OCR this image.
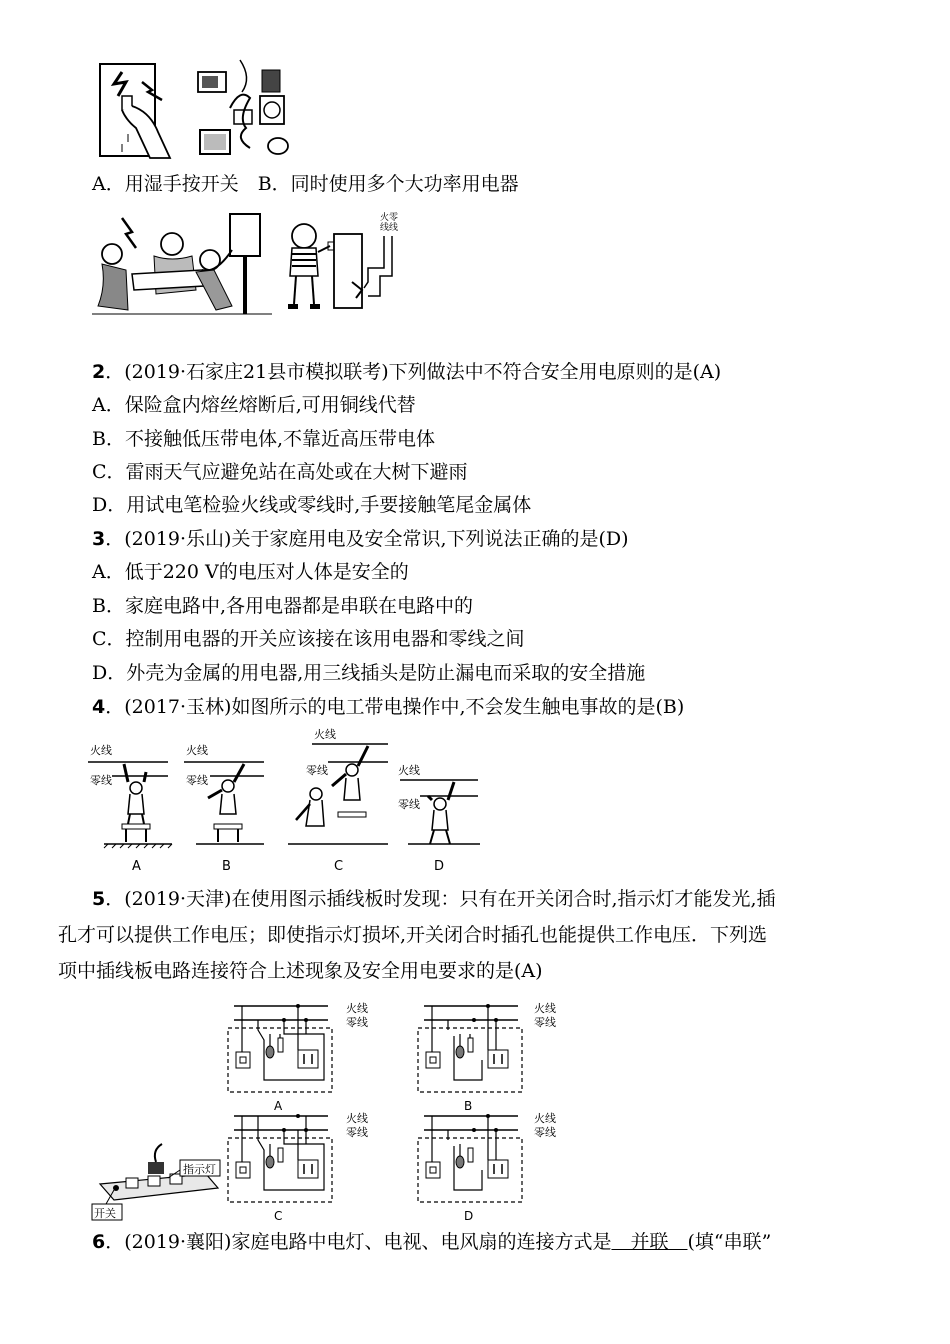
A．用湿手按开关　B．同时使用多个大功率用电器
火零
线线
2．(2019·石家庄21县市模拟联考)下列做法中不符合安全用电原则的是(A)
A．保险盒内熔丝熔断后,可用铜线代替
B．不接触低压带电体,不靠近高压带电体
C．雷雨天气应避免站在高处或在大树下避雨
D．用试电笔检验火线或零线时,手要接触笔尾金属体
3．(2019·乐山)关于家庭用电及安全常识,下列说法正确的是(D)
A．低于220 V的电压对人体是安全的
B．家庭电路中,各用电器都是串联在电路中的
C．控制用电器的开关应该接在该用电器和零线之间
D．外壳为金属的用电器,用三线插头是防止漏电而采取的安全措施
4．(2017·玉林)如图所示的电工带电操作中,不会发生触电事故的是(B)
火线
零线
A
火线
零线
B
火线
零线
C
火线
零线
D
5．(2019·天津)在使用图示插线板时发现：只有在开关闭合时,指示灯才能发光,插
孔才可以提供工作电压；即使指示灯损坏,开关闭合时插孔也能提供工作电压．下列选
项中插线板电路连接符合上述现象及安全用电要求的是(A)
火线
零线
A
火线
零线
B
火线
零线
C
火线
零线
D
指示灯
开关
6．(2019·襄阳)家庭电路中电灯、电视、电风扇的连接方式是  并联  (填“串联”
